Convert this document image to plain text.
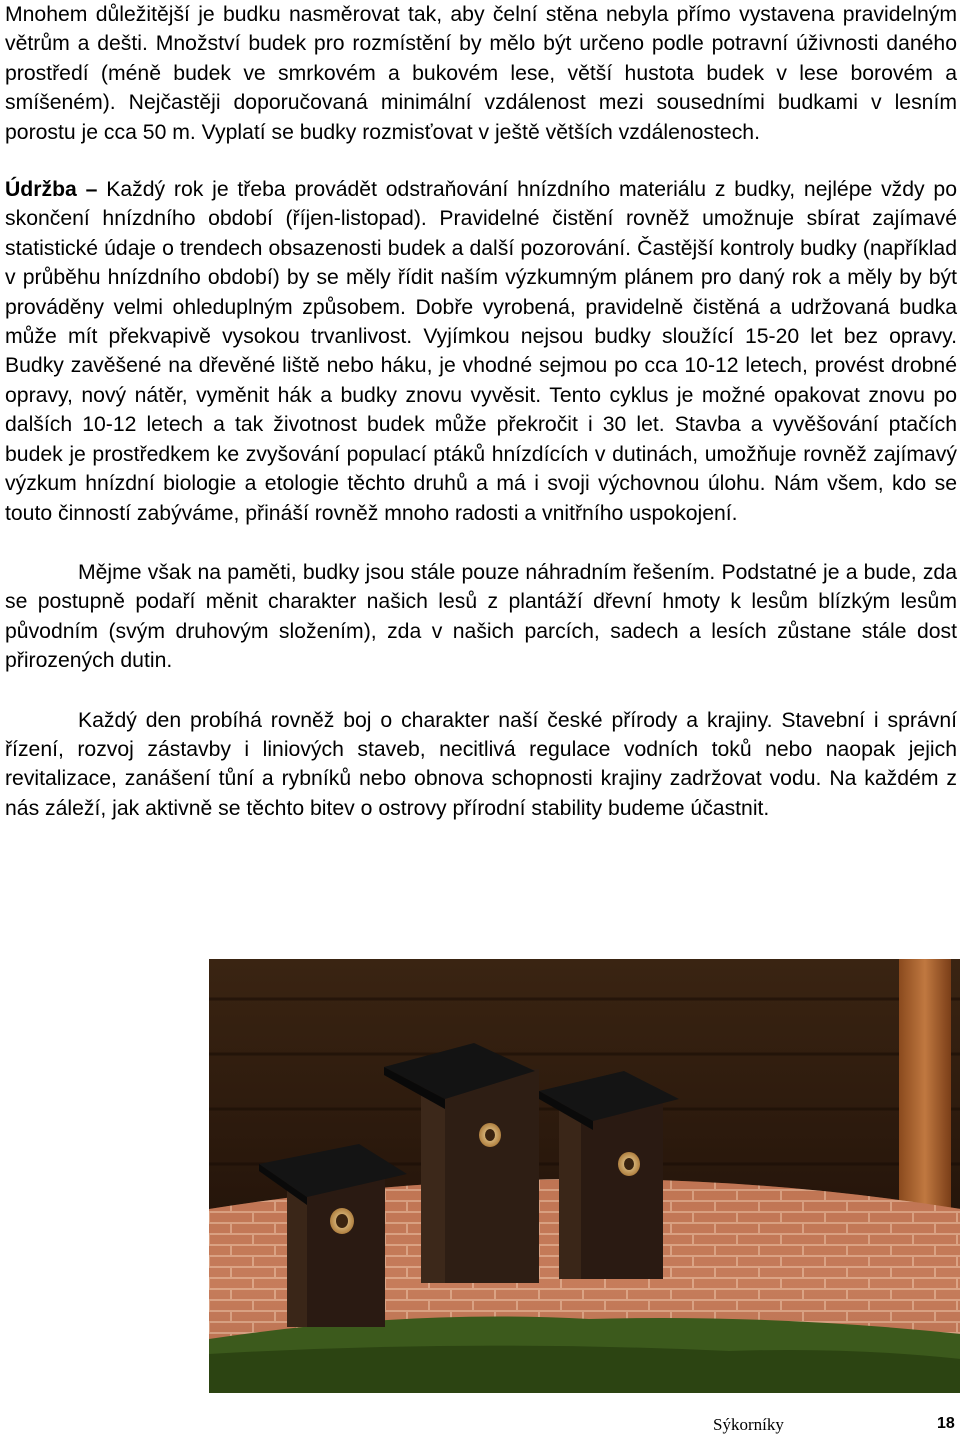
Mnohem důležitější je budku nasměrovat tak, aby čelní stěna nebyla přímo vystavena pravidelným větrům a dešti. Množství budek pro rozmístění by mělo být určeno podle potravní úživnosti daného prostředí (méně budek ve smrkovém a bukovém lese, větší hustota budek v lese borovém a smíšeném). Nejčastěji doporučovaná minimální vzdálenost mezi sousedními budkami v lesním porostu je cca 50 m. Vyplatí se budky rozmisťovat v ještě větších vzdálenostech.

Údržba – Každý rok je třeba provádět odstraňování hnízdního materiálu z budky, nejlépe vždy po skončení hnízdního období (říjen-listopad). Pravidelné čistění rovněž umožnuje sbírat zajímavé statistické údaje o trendech obsazenosti budek a další pozorování. Častější kontroly budky (například v průběhu hnízdního období) by se měly řídit naším výzkumným plánem pro daný rok a měly by být prováděny velmi ohleduplným způsobem. Dobře vyrobená, pravidelně čistěná a udržovaná budka může mít překvapivě vysokou trvanlivost. Vyjímkou nejsou budky sloužící 15-20 let bez opravy. Budky zavěšené na dřevěné liště nebo háku, je vhodné sejmou po cca 10-12 letech, provést drobné opravy, nový nátěr, vyměnit hák a budky znovu vyvěsit. Tento cyklus je možné opakovat znovu po dalších 10-12 letech a tak životnost budek může překročit i 30 let. Stavba a vyvěšování ptačích budek je prostředkem ke zvyšování populací ptáků hnízdících v dutinách, umožňuje rovněž zajímavý výzkum hnízdní biologie a etologie těchto druhů a má i svoji výchovnou úlohu. Nám všem, kdo se touto činností zabýváme, přináší rovněž mnoho radosti a vnitřního uspokojení.

Mějme však na paměti, budky jsou stále pouze náhradním řešením. Podstatné je a bude, zda se postupně podaří měnit charakter našich lesů z plantáží dřevní hmoty k lesům blízkým lesům původním (svým druhovým složením), zda v našich parcích, sadech a lesích zůstane stále dost přirozených dutin.

Každý den probíhá rovněž boj o charakter naší české přírody a krajiny. Stavební i správní řízení, rozvoj zástavby i liniových staveb, necitlivá regulace vodních toků nebo naopak jejich revitalizace, zanášení tůní a rybníků nebo obnova schopnosti krajiny zadržovat vodu. Na každém z nás záleží, jak aktivně se těchto bitev o ostrovy přírodní stability budeme účastnit.

Sýkorníky	18
